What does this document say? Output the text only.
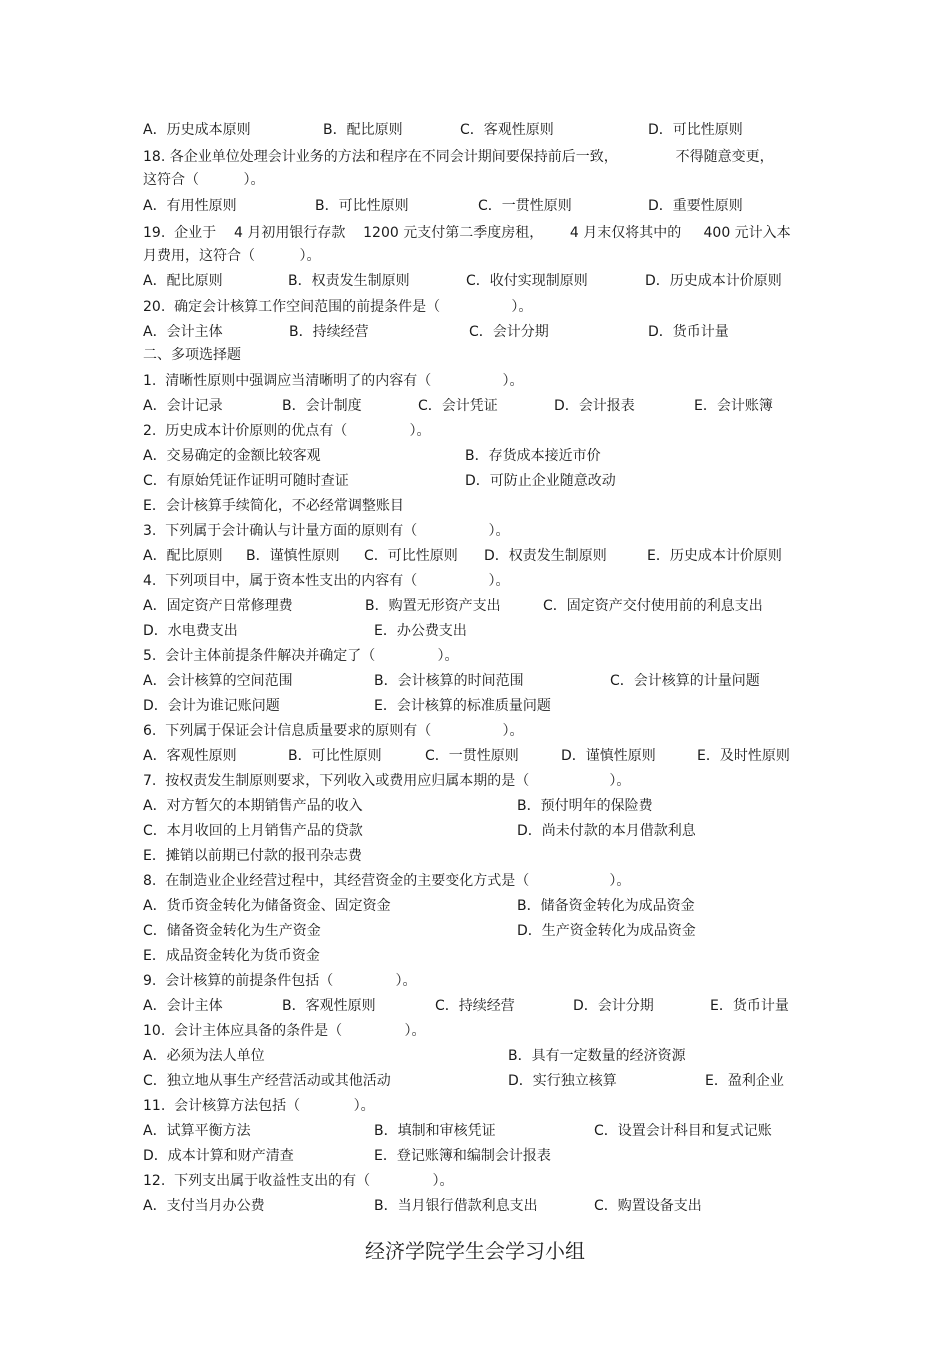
A．历史成本原则	B．配比原则	C．客观性原则	D．可比性原则
18. 各企业单位处理会计业务的方法和程序在不同会计期间要保持前后一致，             不得随意变更，
这符合（          ）。
A．有用性原则	B．可比性原则	C．一贯性原则	D．重要性原则
19.  企业于    4 月初用银行存款    1200 元支付第二季度房租，      4 月末仅将其中的     400 元计入本
月费用，这符合（          ）。
A．配比原则	B．权责发生制原则	C．收付实现制原则	D．历史成本计价原则
20.  确定会计核算工作空间范围的前提条件是（                ）。
A．会计主体	B．持续经营	C．会计分期	D．货币计量
二、多项选择题
1.  清晰性原则中强调应当清晰明了的内容有（                ）。
A．会计记录	B．会计制度	C．会计凭证	D．会计报表	E．会计账簿
2.  历史成本计价原则的优点有（              ）。
A．交易确定的金额比较客观	B．存货成本接近市价
C．有原始凭证作证明可随时查证	D．可防止企业随意改动
E．会计核算手续简化，不必经常调整账目
3.  下列属于会计确认与计量方面的原则有（                ）。
A．配比原则 B．谨慎性原则 C．可比性原则 D．权责发生制原则	E．历史成本计价原则
4.  下列项目中，属于资本性支出的内容有（                ）。
A．固定资产日常修理费	B．购置无形资产支出	C．固定资产交付使用前的利息支出
D．水电费支出	E．办公费支出
5.  会计主体前提条件解决并确定了（              ）。
A．会计核算的空间范围	B．会计核算的时间范围	C．会计核算的计量问题
D．会计为谁记账问题	E．会计核算的标准质量问题
6.  下列属于保证会计信息质量要求的原则有（                ）。
A．客观性原则	B．可比性原则	C．一贯性原则	D．谨慎性原则	E．及时性原则
7.  按权责发生制原则要求，下列收入或费用应归属本期的是（                  ）。
A．对方暂欠的本期销售产品的收入	B．预付明年的保险费
C．本月收回的上月销售产品的贷款	D．尚未付款的本月借款利息
E．摊销以前期已付款的报刊杂志费
8.  在制造业企业经营过程中，其经营资金的主要变化方式是（                  ）。
A．货币资金转化为储备资金、固定资金	B．储备资金转化为成品资金
C．储备资金转化为生产资金	D．生产资金转化为成品资金
E．成品资金转化为货币资金
9.  会计核算的前提条件包括（              ）。
A．会计主体	B．客观性原则	C．持续经营	D．会计分期	E．货币计量
10.  会计主体应具备的条件是（              ）。
A．必须为法人单位	B．具有一定数量的经济资源
C．独立地从事生产经营活动或其他活动	D．实行独立核算	E．盈利企业
11.  会计核算方法包括（            ）。
A．试算平衡方法	B．填制和审核凭证	C．设置会计科目和复式记账
D．成本计算和财产清查	E．登记账簿和编制会计报表
12.  下列支出属于收益性支出的有（              ）。
A．支付当月办公费	B．当月银行借款利息支出	C．购置设备支出
经济学院学生会学习小组
